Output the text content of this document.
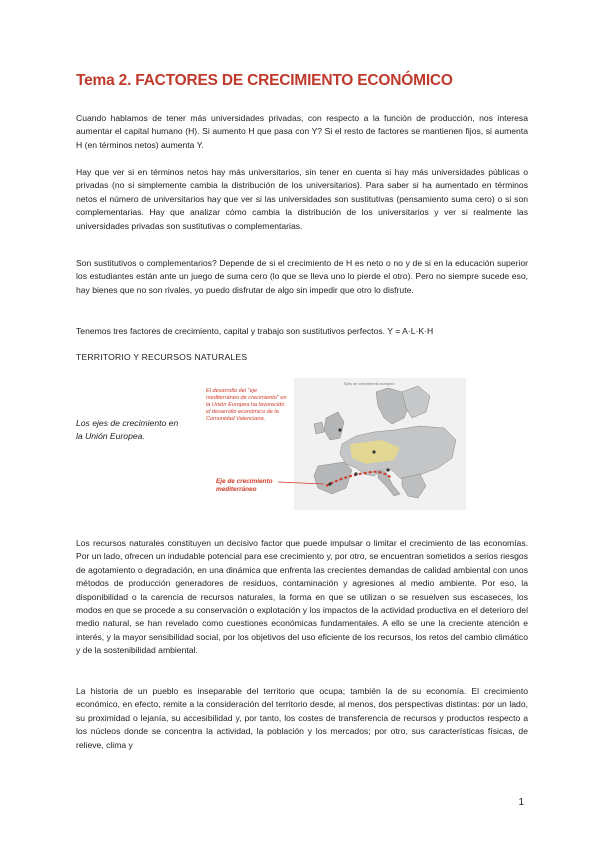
Tema 2. FACTORES DE CRECIMIENTO ECONÓMICO

Cuando hablamos de tener más universidades privadas, con respecto a la función de producción, nos interesa aumentar el capital humano (H). Si aumento H que pasa con Y? Si el resto de factores se mantienen fijos, si aumenta H (en términos netos) aumenta Y.

Hay que ver si en términos netos hay más universitarios, sin tener en cuenta si hay más universidades públicas o privadas (no si simplemente cambia la distribución de los universitarios). Para saber si ha aumentado en términos netos el número de universitarios hay que ver si las universidades son sustitutivas (pensamiento suma cero) o si son complementarias. Hay que analizar cómo cambia la distribución de los universitarios y ver si realmente las universidades privadas son sustitutivas o complementarias.

Son sustitutivos o complementarios? Depende de si el crecimiento de H es neto o no y de si en la educación superior los estudiantes están ante un juego de suma cero (lo que se lleva uno lo pierde el otro). Pero no siempre sucede eso, hay bienes que no son rivales, yo puedo disfrutar de algo sin impedir que otro lo disfrute.

Tenemos tres factores de crecimiento, capital y trabajo son sustitutivos perfectos. Y = A·L·K·H

TERRITORIO Y RECURSOS NATURALES
Los ejes de crecimiento en la Unión Europea.
Ejes de crecimiento europeo
El desarrollo del "eje mediterráneo de crecimiento" en la Unión Europea ha favorecido el desarrollo económico de la Comunidad Valenciana.
Eje de crecimiento mediterráneo

Los recursos naturales constituyen un decisivo factor que puede impulsar o limitar el crecimiento de las economías. Por un lado, ofrecen un indudable potencial para ese crecimiento y, por otro, se encuentran sometidos a serios riesgos de agotamiento o degradación, en una dinámica que enfrenta las crecientes demandas de calidad ambiental con unos métodos de producción generadores de residuos, contaminación y agresiones al medio ambiente. Por eso, la disponibilidad o la carencia de recursos naturales, la forma en que se utilizan o se resuelven sus escaseces, los modos en que se procede a su conservación o explotación y los impactos de la actividad productiva en el deterioro del medio natural, se han revelado como cuestiones económicas fundamentales. A ello se une la creciente atención e interés, y la mayor sensibilidad social, por los objetivos del uso eficiente de los recursos, los retos del cambio climático y de la sostenibilidad ambiental.

La historia de un pueblo es inseparable del territorio que ocupa; también la de su economía. El crecimiento económico, en efecto, remite a la consideración del territorio desde, al menos, dos perspectivas distintas: por un lado, su proximidad o lejanía, su accesibilidad y, por tanto, los costes de transferencia de recursos y productos respecto a los núcleos donde se concentra la actividad, la población y los mercados; por otro, sus características físicas, de relieve, clima y

1
